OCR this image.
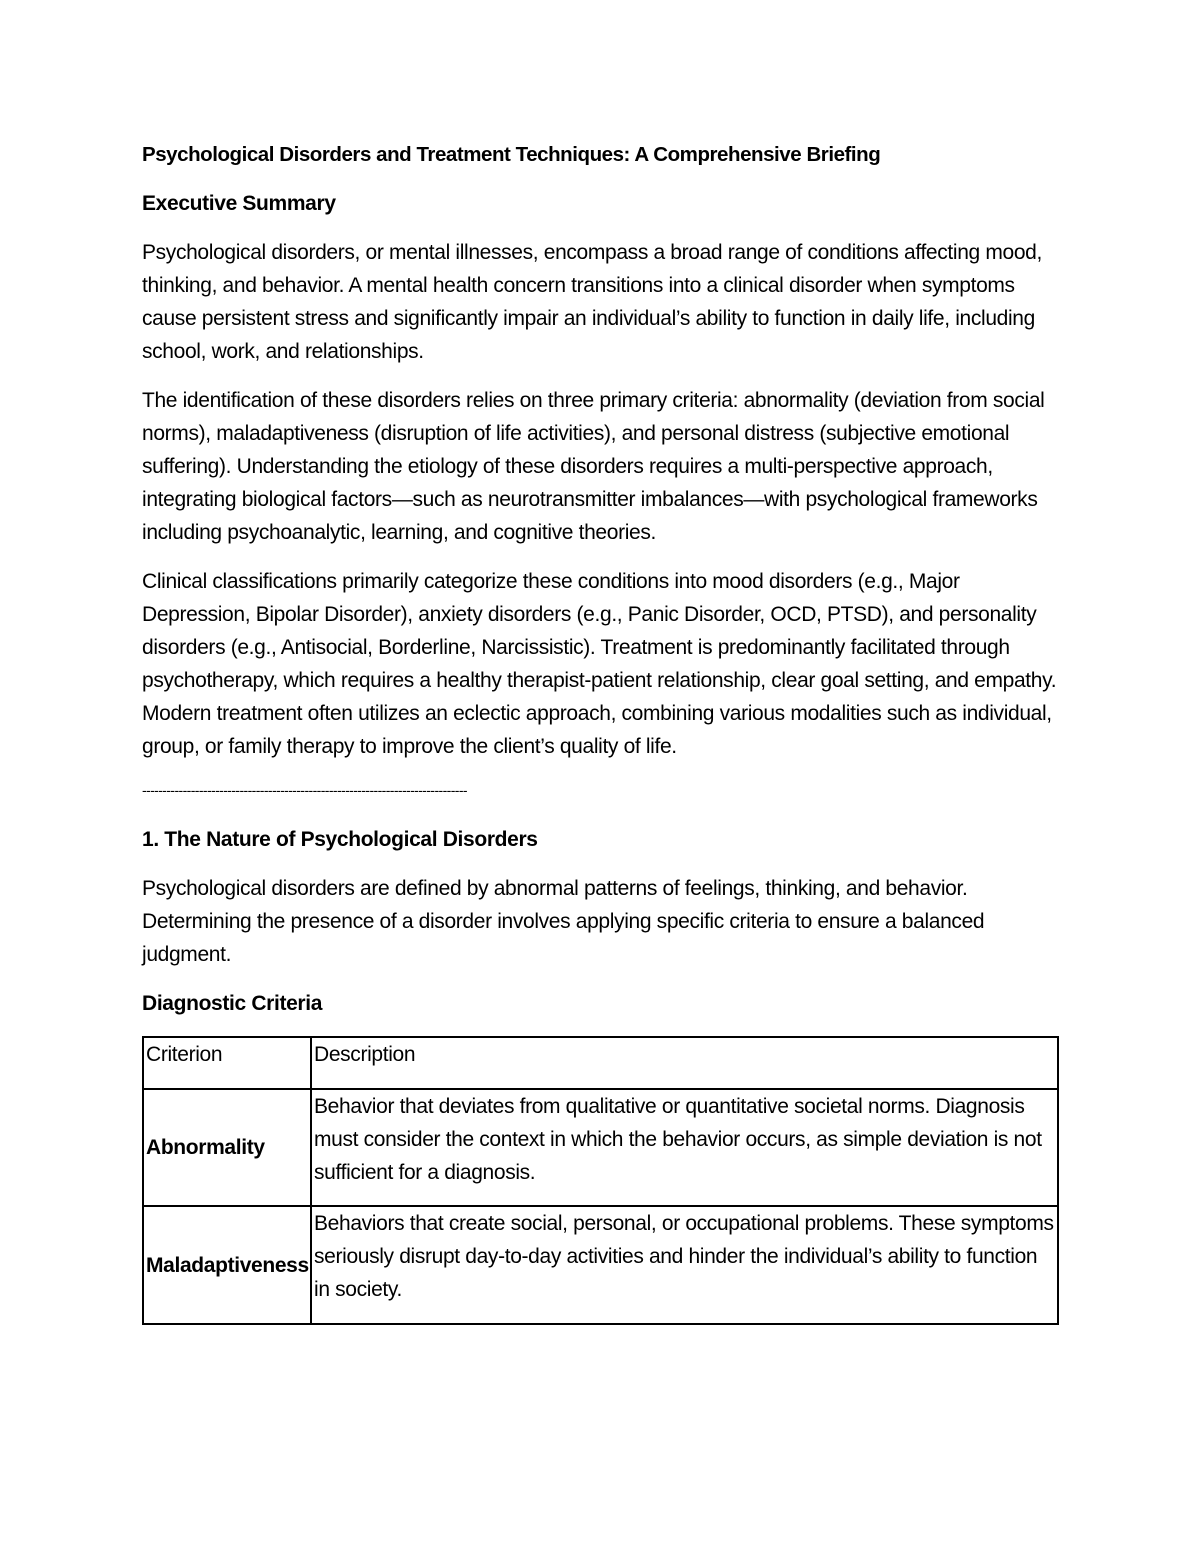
Psychological Disorders and Treatment Techniques: A Comprehensive Briefing
Executive Summary

Psychological disorders, or mental illnesses, encompass a broad range of conditions affecting mood, thinking, and behavior. A mental health concern transitions into a clinical disorder when symptoms cause persistent stress and significantly impair an individual’s ability to function in daily life, including school, work, and relationships.

The identification of these disorders relies on three primary criteria: abnormality (deviation from social norms), maladaptiveness (disruption of life activities), and personal distress (subjective emotional suffering). Understanding the etiology of these disorders requires a multi-perspective approach, integrating biological factors—such as neurotransmitter imbalances—with psychological frameworks including psychoanalytic, learning, and cognitive theories.

Clinical classifications primarily categorize these conditions into mood disorders (e.g., Major Depression, Bipolar Disorder), anxiety disorders (e.g., Panic Disorder, OCD, PTSD), and personality disorders (e.g., Antisocial, Borderline, Narcissistic). Treatment is predominantly facilitated through psychotherapy, which requires a healthy therapist-patient relationship, clear goal setting, and empathy. Modern treatment often utilizes an eclectic approach, combining various modalities such as individual, group, or family therapy to improve the client’s quality of life.

--------------------------------------------------------------------------------
1. The Nature of Psychological Disorders

Psychological disorders are defined by abnormal patterns of feelings, thinking, and behavior. Determining the presence of a disorder involves applying specific criteria to ensure a balanced judgment.

Diagnostic Criteria
Criterion	Description
Abnormality	Behavior that deviates from qualitative or quantitative societal norms. Diagnosis must consider the context in which the behavior occurs, as simple deviation is not sufficient for a diagnosis.
Maladaptiveness	Behaviors that create social, personal, or occupational problems. These symptoms seriously disrupt day-to-day activities and hinder the individual’s ability to function in society.
